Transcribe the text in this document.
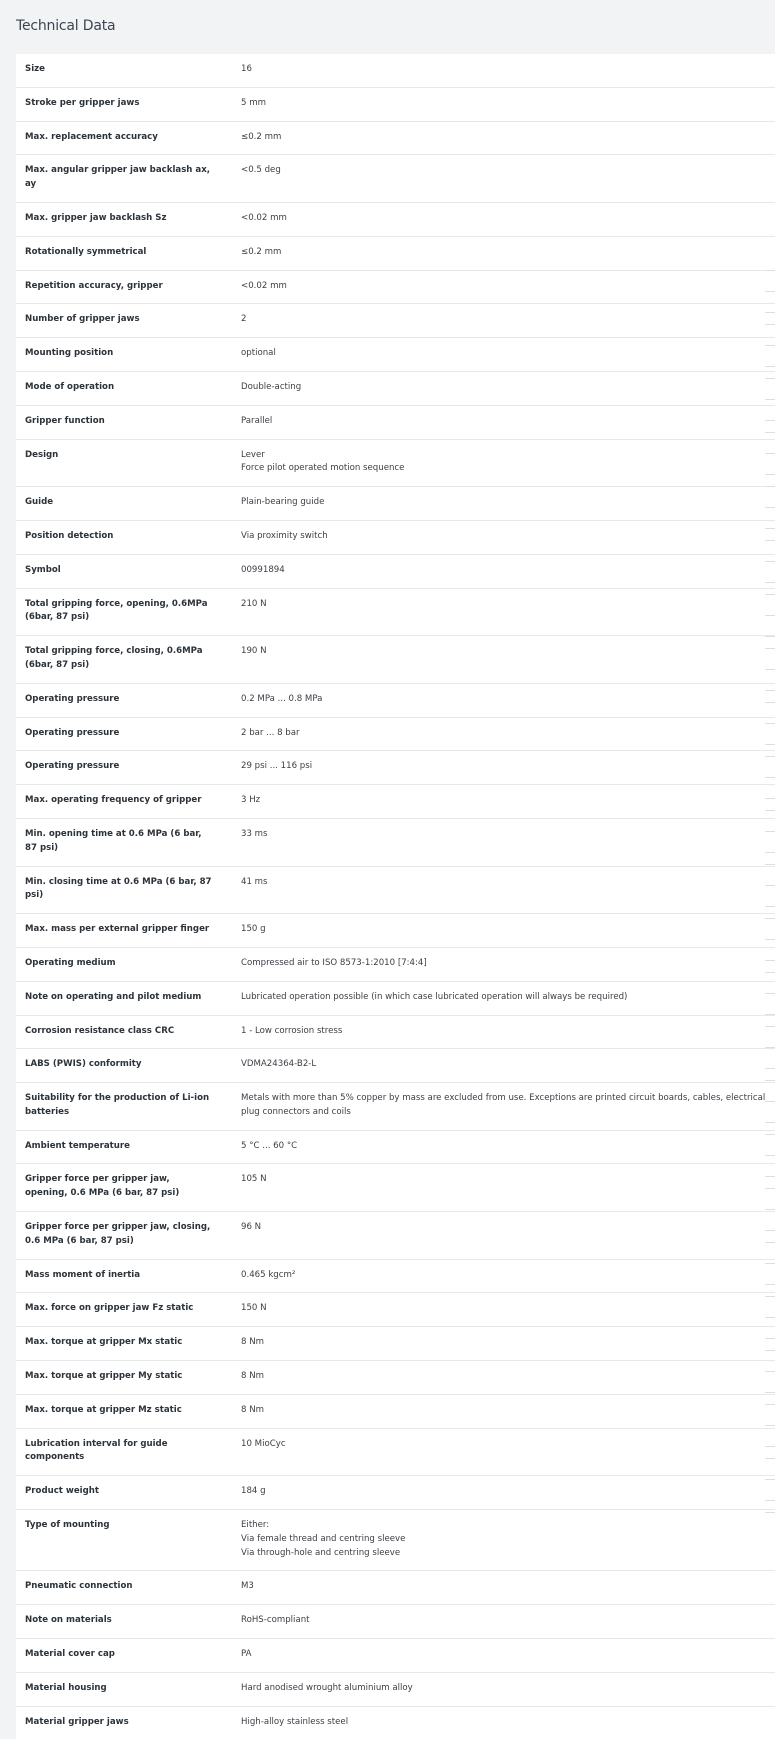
Technical Data
Size	16

Stroke per gripper jaws	5 mm

Max. replacement accuracy	≤0.2 mm

Max. angular gripper jaw backlash ax, ay	<0.5 deg

Max. gripper jaw backlash Sz	<0.02 mm

Rotationally symmetrical	≤0.2 mm

Repetition accuracy, gripper	<0.02 mm

Number of gripper jaws	2

Mounting position	optional

Mode of operation	Double-acting

Gripper function	Parallel

Design	Lever
Force pilot operated motion sequence

Guide	Plain-bearing guide

Position detection	Via proximity switch

Symbol	00991894

Total gripping force, opening, 0.6MPa (6bar, 87 psi)	210 N

Total gripping force, closing, 0.6MPa (6bar, 87 psi)	190 N

Operating pressure	0.2 MPa ... 0.8 MPa

Operating pressure	2 bar ... 8 bar

Operating pressure	29 psi ... 116 psi

Max. operating frequency of gripper	3 Hz

Min. opening time at 0.6 MPa (6 bar, 87 psi)	33 ms

Min. closing time at 0.6 MPa (6 bar, 87 psi)	41 ms

Max. mass per external gripper finger	150 g

Operating medium	Compressed air to ISO 8573-1:2010 [7:4:4]

Note on operating and pilot medium	Lubricated operation possible (in which case lubricated operation will always be required)

Corrosion resistance class CRC	1 - Low corrosion stress

LABS (PWIS) conformity	VDMA24364-B2-L

Suitability for the production of Li-ion batteries	Metals with more than 5% copper by mass are excluded from use. Exceptions are printed circuit boards, cables, electrical plug connectors and coils

Ambient temperature	5 °C ... 60 °C

Gripper force per gripper jaw, opening, 0.6 MPa (6 bar, 87 psi)	105 N

Gripper force per gripper jaw, closing, 0.6 MPa (6 bar, 87 psi)	96 N

Mass moment of inertia	0.465 kgcm²

Max. force on gripper jaw Fz static	150 N

Max. torque at gripper Mx static	8 Nm

Max. torque at gripper My static	8 Nm

Max. torque at gripper Mz static	8 Nm

Lubrication interval for guide components	10 MioCyc

Product weight	184 g

Type of mounting	Either:
Via female thread and centring sleeve
Via through-hole and centring sleeve

Pneumatic connection	M3

Note on materials	RoHS-compliant

Material cover cap	PA

Material housing	Hard anodised wrought aluminium alloy

Material gripper jaws	High-alloy stainless steel
